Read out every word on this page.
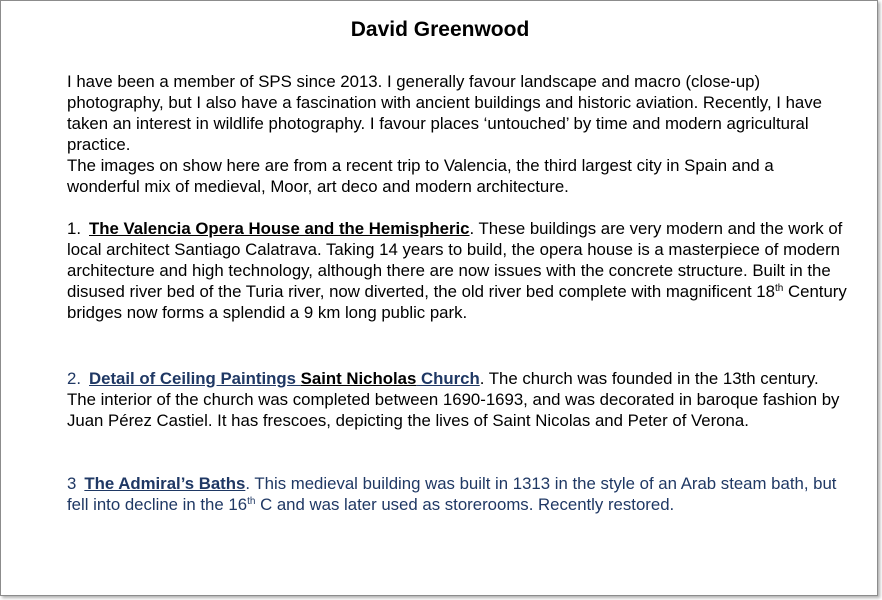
David Greenwood
I have been a member of SPS since 2013. I generally favour landscape and macro (close-up) photography, but I also have a fascination with ancient buildings and historic aviation. Recently, I have taken an interest in wildlife photography. I favour places ‘untouched’ by time and modern agricultural practice.
The images on show here are from a recent trip to Valencia, the third largest city in Spain and a wonderful mix of medieval, Moor, art deco and modern architecture.
1. The Valencia Opera House and the Hemispheric. These buildings are very modern and the work of local architect Santiago Calatrava. Taking 14 years to build, the opera house is a masterpiece of modern architecture and high technology, although there are now issues with the concrete structure. Built in the disused river bed of the Turia river, now diverted, the old river bed complete with magnificent 18th Century bridges now forms a splendid a 9 km long public park.
2. Detail of Ceiling Paintings Saint Nicholas Church. The church was founded in the 13th century. The interior of the church was completed between 1690-1693, and was decorated in baroque fashion by Juan Pérez Castiel. It has frescoes, depicting the lives of Saint Nicolas and Peter of Verona.
3 The Admiral’s Baths. This medieval building was built in 1313 in the style of an Arab steam bath, but fell into decline in the 16th C and was later used as storerooms. Recently restored.
